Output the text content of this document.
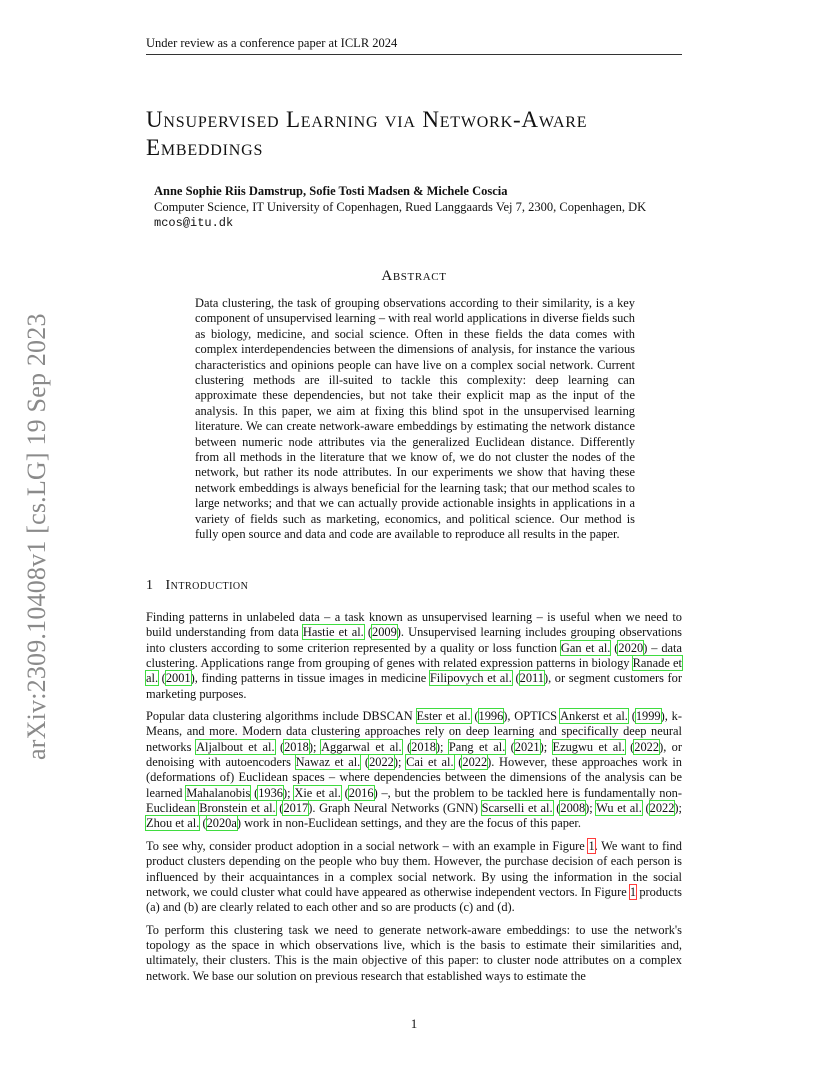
Under review as a conference paper at ICLR 2024
arXiv:2309.10408v1 [cs.LG] 19 Sep 2023
Unsupervised Learning via Network-Aware Embeddings
Anne Sophie Riis Damstrup, Sofie Tosti Madsen & Michele Coscia
Computer Science, IT University of Copenhagen, Rued Langgaards Vej 7, 2300, Copenhagen, DK
mcos@itu.dk
Abstract

Data clustering, the task of grouping observations according to their similarity, is a key component of unsupervised learning – with real world applications in diverse fields such as biology, medicine, and social science. Often in these fields the data comes with complex interdependencies between the dimensions of analysis, for instance the various characteristics and opinions people can have live on a complex social network. Current clustering methods are ill-suited to tackle this complexity: deep learning can approximate these dependencies, but not take their explicit map as the input of the analysis. In this paper, we aim at fixing this blind spot in the unsupervised learning literature. We can create network-aware embeddings by estimating the network distance between numeric node attributes via the generalized Euclidean distance. Differently from all methods in the literature that we know of, we do not cluster the nodes of the network, but rather its node attributes. In our experiments we show that having these network embeddings is always beneficial for the learning task; that our method scales to large networks; and that we can actually provide actionable insights in applications in a variety of fields such as marketing, economics, and political science. Our method is fully open source and data and code are available to reproduce all results in the paper.

1 Introduction

Finding patterns in unlabeled data – a task known as unsupervised learning – is useful when we need to build understanding from data Hastie et al. (2009). Unsupervised learning includes grouping observations into clusters according to some criterion represented by a quality or loss function Gan et al. (2020) – data clustering. Applications range from grouping of genes with related expression patterns in biology Ranade et al. (2001), finding patterns in tissue images in medicine Filipovych et al. (2011), or segment customers for marketing purposes.

Popular data clustering algorithms include DBSCAN Ester et al. (1996), OPTICS Ankerst et al. (1999), k-Means, and more. Modern data clustering approaches rely on deep learning and specifically deep neural networks Aljalbout et al. (2018); Aggarwal et al. (2018); Pang et al. (2021); Ezugwu et al. (2022), or denoising with autoencoders Nawaz et al. (2022); Cai et al. (2022). However, these approaches work in (deformations of) Euclidean spaces – where dependencies between the dimensions of the analysis can be learned Mahalanobis (1936); Xie et al. (2016) –, but the problem to be tackled here is fundamentally non-Euclidean Bronstein et al. (2017). Graph Neural Networks (GNN) Scarselli et al. (2008); Wu et al. (2022); Zhou et al. (2020a) work in non-Euclidean settings, and they are the focus of this paper.

To see why, consider product adoption in a social network – with an example in Figure 1. We want to find product clusters depending on the people who buy them. However, the purchase decision of each person is influenced by their acquaintances in a complex social network. By using the information in the social network, we could cluster what could have appeared as otherwise independent vectors. In Figure 1 products (a) and (b) are clearly related to each other and so are products (c) and (d).

To perform this clustering task we need to generate network-aware embeddings: to use the network's topology as the space in which observations live, which is the basis to estimate their similarities and, ultimately, their clusters. This is the main objective of this paper: to cluster node attributes on a complex network. We base our solution on previous research that established ways to estimate the

1
